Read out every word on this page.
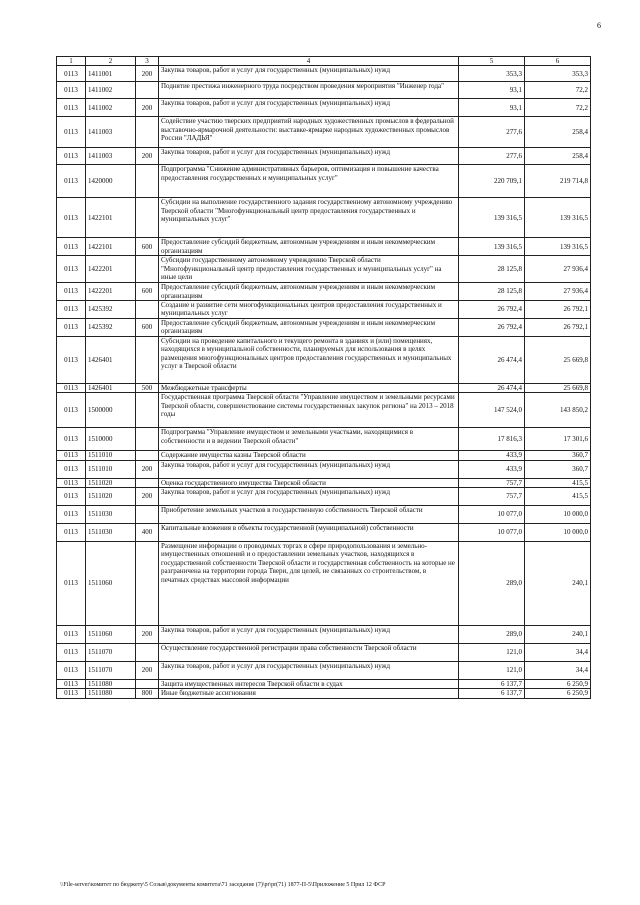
6
1	2	3	4	5	6
0113	1411001	200	Закупка товаров, работ и услуг для государственных (муниципальных) нужд	353,3	353,3
0113	1411002		Поднятие престижа инженерного труда посредством проведения мероприятия "Инженер года"	93,1	72,2
0113	1411002	200	Закупка товаров, работ и услуг для государственных (муниципальных) нужд	93,1	72,2
0113	1411003		Содействие участию тверских предприятий народных художественных промыслов в федеральной выставочно-ярмарочной деятельности: выставке-ярмарке народных художественных промыслов России "ЛАДЬЯ"	277,6	258,4
0113	1411003	200	Закупка товаров, работ и услуг для государственных (муниципальных) нужд	277,6	258,4
0113	1420000		Подпрограмма "Снижение административных барьеров, оптимизация и повышение качества предоставления государственных и муниципальных услуг"	220 709,1	219 714,8
0113	1422101		Субсидии на выполнение государственного задания государственному автономному учреждению Тверской области "Многофункциональный центр предоставления государственных и муниципальных услуг"	139 316,5	139 316,5
0113	1422101	600	Предоставление субсидий бюджетным, автономным учреждениям и иным некоммерческим организациям	139 316,5	139 316,5
0113	1422201		Субсидии государственному автономному учреждению Тверской области "Многофункциональный центр предоставления государственных и муниципальных услуг" на иные цели	28 125,8	27 936,4
0113	1422201	600	Предоставление субсидий бюджетным, автономным учреждениям и иным некоммерческим организациям	28 125,8	27 936,4
0113	1425392		Создание и развитие сети многофункциональных центров предоставления государственных и муниципальных услуг	26 792,4	26 792,1
0113	1425392	600	Предоставление субсидий бюджетным, автономным учреждениям и иным некоммерческим организациям	26 792,4	26 792,1
0113	1426401		Субсидии на проведение капитального и текущего ремонта в зданиях и (или) помещениях, находящихся в муниципальной собственности, планируемых для использования в целях размещения многофункциональных центров предоставления государственных и муниципальных услуг в Тверской области	26 474,4	25 669,8
0113	1426401	500	Межбюджетные трансферты	26 474,4	25 669,8
0113	1500000		Государственная программа Тверской области "Управление имуществом и земельными ресурсами Тверской области, совершенствование системы государственных закупок региона" на 2013 – 2018 годы	147 524,0	143 850,2
0113	1510000		Подпрограмма "Управление имуществом и земельными участками, находящимися в собственности и в ведении Тверской области"	17 816,3	17 301,6
0113	1511010		Содержание имущества казны Тверской области	433,9	360,7
0113	1511010	200	Закупка товаров, работ и услуг для государственных (муниципальных) нужд	433,9	360,7
0113	1511020		Оценка государственного имущества Тверской области	757,7	415,5
0113	1511020	200	Закупка товаров, работ и услуг для государственных (муниципальных) нужд	757,7	415,5
0113	1511030		Приобретение земельных участков в государственную собственность Тверской области	10 077,0	10 000,0
0113	1511030	400	Капитальные вложения в объекты государственной (муниципальной) собственности	10 077,0	10 000,0
0113	1511060		Размещение информации о проводимых торгах в сфере природопользования и земельно-имущественных отношений и о предоставлении земельных участков, находящихся в государственной собственности Тверской области и государственная собственность на которые не разграничена на территории города Твери, для целей, не связанных со строительством, в печатных средствах массовой информации	289,0	240,1
0113	1511060	200	Закупка товаров, работ и услуг для государственных (муниципальных) нужд	289,0	240,1
0113	1511070		Осуществление государственной регистрации права собственности Тверской области	121,0	34,4
0113	1511070	200	Закупка товаров, работ и услуг для государственных (муниципальных) нужд	121,0	34,4
0113	1511080		Защита имущественных интересов Тверской области в судах	6 137,7	6 250,9
0113	1511080	800	Иные бюджетные ассигнования	6 137,7	6 250,9
\\File-server\комитет по бюджету\5 Созыв\документы комитета\71 заседание (7)\pr\pr(71) 1877-П-5\Приложение 5 Прил 12 ФСР
